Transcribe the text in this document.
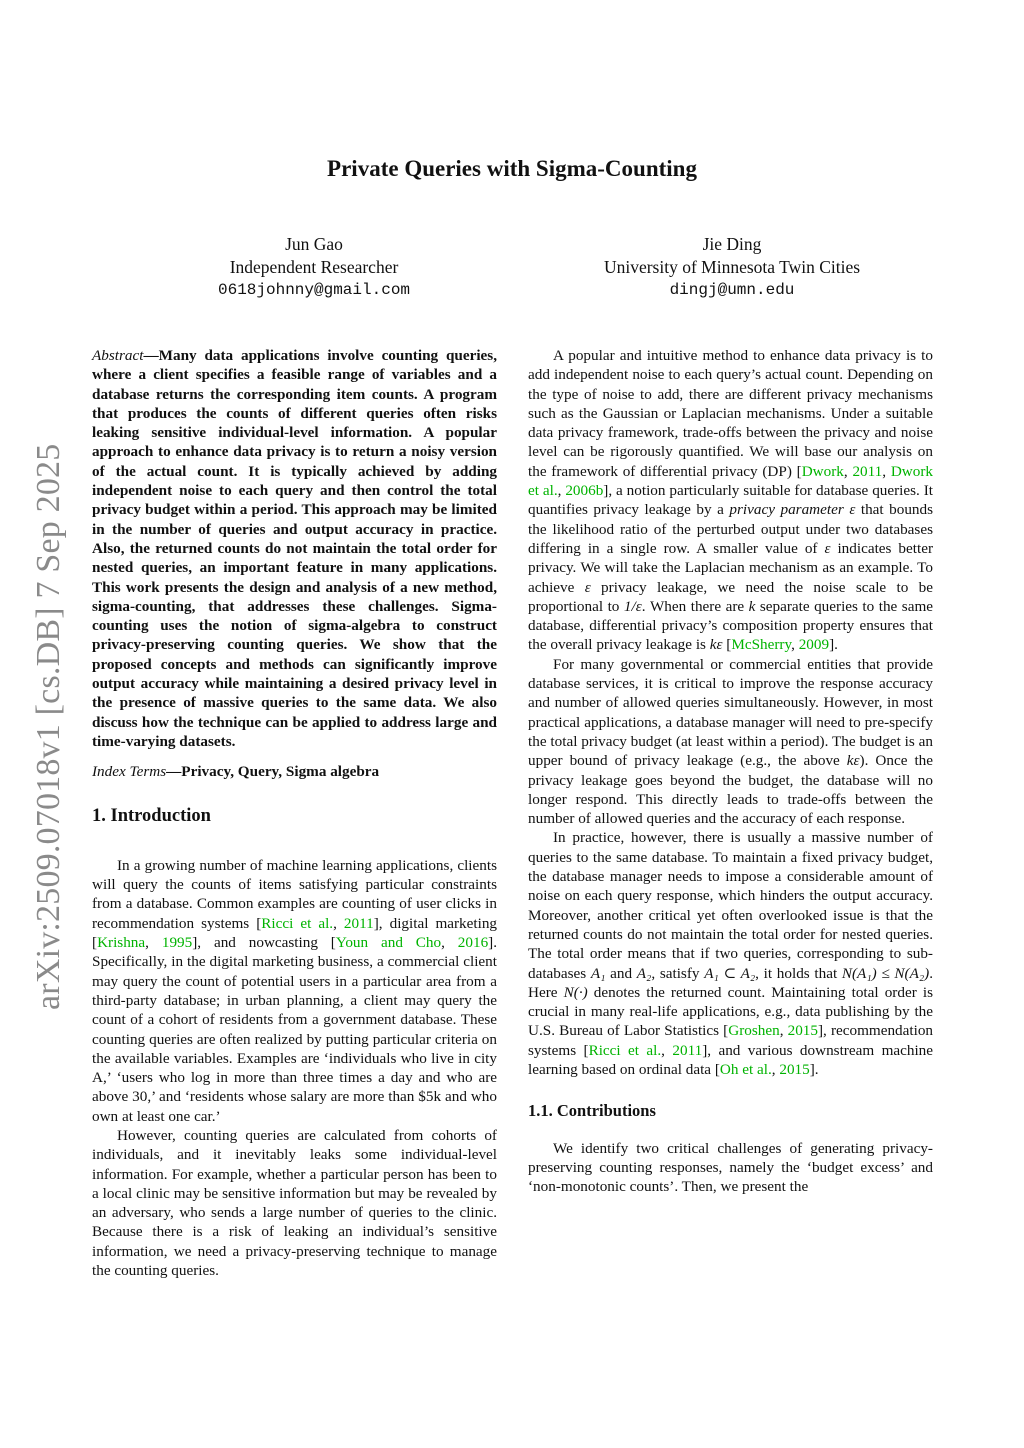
arXiv:2509.07018v1 [cs.DB] 7 Sep 2025
Private Queries with Sigma-Counting
Jun Gao
Independent Researcher
0618johnny@gmail.com
Jie Ding
University of Minnesota Twin Cities
dingj@umn.edu

Abstract—Many data applications involve counting queries, where a client specifies a feasible range of variables and a database returns the corresponding item counts. A program that produces the counts of different queries often risks leaking sensitive individual-level information. A popular approach to enhance data privacy is to return a noisy version of the actual count. It is typically achieved by adding independent noise to each query and then control the total privacy budget within a period. This approach may be limited in the number of queries and output accuracy in practice. Also, the returned counts do not maintain the total order for nested queries, an important feature in many applications. This work presents the design and analysis of a new method, sigma-counting, that addresses these challenges. Sigma-counting uses the notion of sigma-algebra to construct privacy-preserving counting queries. We show that the proposed concepts and methods can significantly improve output accuracy while maintaining a desired privacy level in the presence of massive queries to the same data. We also discuss how the technique can be applied to address large and time-varying datasets.

Index Terms—Privacy, Query, Sigma algebra

1. Introduction

In a growing number of machine learning applications, clients will query the counts of items satisfying particular constraints from a database. Common examples are counting of user clicks in recommendation systems [Ricci et al., 2011], digital marketing [Krishna, 1995], and nowcasting [Youn and Cho, 2016]. Specifically, in the digital marketing business, a commercial client may query the count of potential users in a particular area from a third-party database; in urban planning, a client may query the count of a cohort of residents from a government database. These counting queries are often realized by putting particular criteria on the available variables. Examples are ‘individuals who live in city A,’ ‘users who log in more than three times a day and who are above 30,’ and ‘residents whose salary are more than $5k and who own at least one car.’

However, counting queries are calculated from cohorts of individuals, and it inevitably leaks some individual-level information. For example, whether a particular person has been to a local clinic may be sensitive information but may be revealed by an adversary, who sends a large number of queries to the clinic. Because there is a risk of leaking an individual’s sensitive information, we need a privacy-preserving technique to manage the counting queries.

A popular and intuitive method to enhance data privacy is to add independent noise to each query’s actual count. Depending on the type of noise to add, there are different privacy mechanisms such as the Gaussian or Laplacian mechanisms. Under a suitable data privacy framework, trade-offs between the privacy and noise level can be rigorously quantified. We will base our analysis on the framework of differential privacy (DP) [Dwork, 2011, Dwork et al., 2006b], a notion particularly suitable for database queries. It quantifies privacy leakage by a privacy parameter ε that bounds the likelihood ratio of the perturbed output under two databases differing in a single row. A smaller value of ε indicates better privacy. We will take the Laplacian mechanism as an example. To achieve ε privacy leakage, we need the noise scale to be proportional to 1/ε. When there are k separate queries to the same database, differential privacy’s composition property ensures that the overall privacy leakage is kε [McSherry, 2009].

For many governmental or commercial entities that provide database services, it is critical to improve the response accuracy and number of allowed queries simultaneously. However, in most practical applications, a database manager will need to pre-specify the total privacy budget (at least within a period). The budget is an upper bound of privacy leakage (e.g., the above kε). Once the privacy leakage goes beyond the budget, the database will no longer respond. This directly leads to trade-offs between the number of allowed queries and the accuracy of each response.

In practice, however, there is usually a massive number of queries to the same database. To maintain a fixed privacy budget, the database manager needs to impose a considerable amount of noise on each query response, which hinders the output accuracy. Moreover, another critical yet often overlooked issue is that the returned counts do not maintain the total order for nested queries. The total order means that if two queries, corresponding to sub-databases A₁ and A₂, satisfy A₁ ⊂ A₂, it holds that N(A₁) ≤ N(A₂). Here N(·) denotes the returned count. Maintaining total order is crucial in many real-life applications, e.g., data publishing by the U.S. Bureau of Labor Statistics [Groshen, 2015], recommendation systems [Ricci et al., 2011], and various downstream machine learning based on ordinal data [Oh et al., 2015].

1.1. Contributions

We identify two critical challenges of generating privacy-preserving counting responses, namely the ‘budget excess’ and ‘non-monotonic counts’. Then, we present the
